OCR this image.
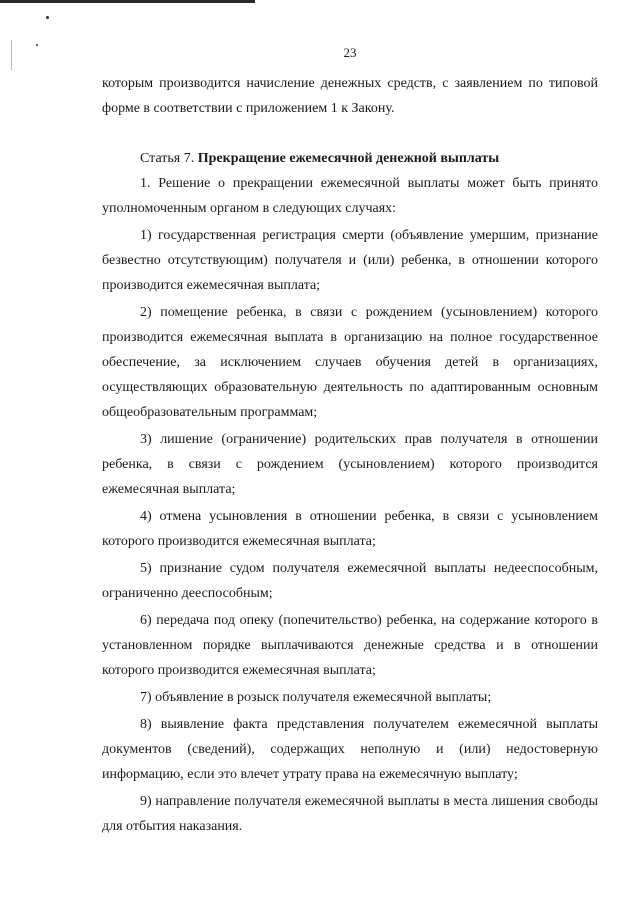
23

которым производится начисление денежных средств, с заявлением по типовой форме в соответствии с приложением 1 к Закону.

Статья 7. Прекращение ежемесячной денежной выплаты

1. Решение о прекращении ежемесячной выплаты может быть принято уполномоченным органом в следующих случаях:

1) государственная регистрация смерти (объявление умершим, признание безвестно отсутствующим) получателя и (или) ребенка, в отношении которого производится ежемесячная выплата;

2) помещение ребенка, в связи с рождением (усыновлением) которого производится ежемесячная выплата в организацию на полное государственное обеспечение, за исключением случаев обучения детей в организациях, осуществляющих образовательную деятельность по адаптированным основным общеобразовательным программам;

3) лишение (ограничение) родительских прав получателя в отношении ребенка, в связи с рождением (усыновлением) которого производится ежемесячная выплата;

4) отмена усыновления в отношении ребенка, в связи с усыновлением которого производится ежемесячная выплата;

5) признание судом получателя ежемесячной выплаты недееспособным, ограниченно дееспособным;

6) передача под опеку (попечительство) ребенка, на содержание которого в установленном порядке выплачиваются денежные средства и в отношении которого производится ежемесячная выплата;

7) объявление в розыск получателя ежемесячной выплаты;

8) выявление факта представления получателем ежемесячной выплаты документов (сведений), содержащих неполную и (или) недостоверную информацию, если это влечет утрату права на ежемесячную выплату;

9) направление получателя ежемесячной выплаты в места лишения свободы для отбытия наказания.
